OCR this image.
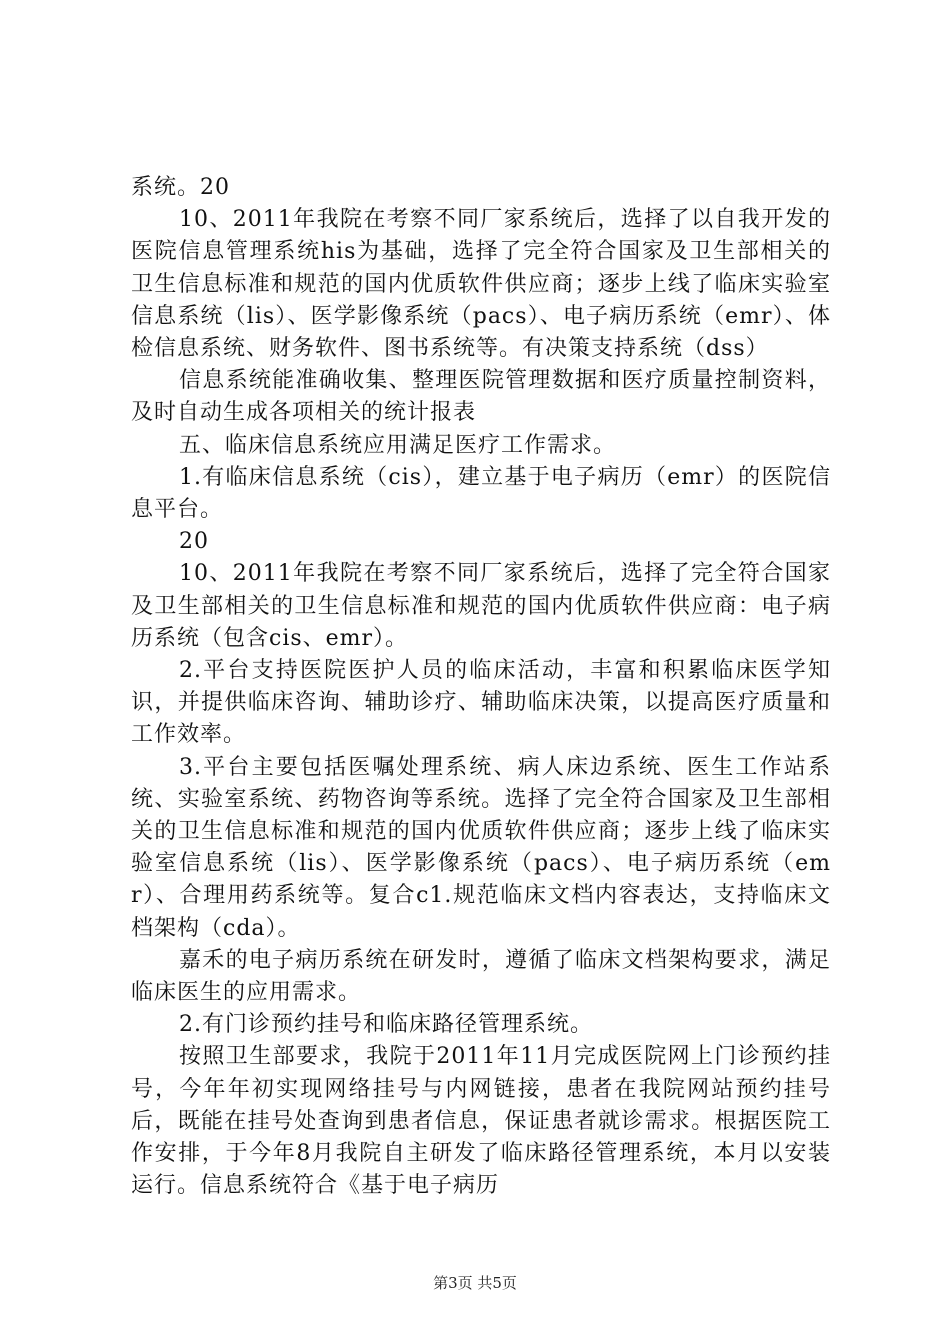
系统。20

10、2011年我院在考察不同厂家系统后，选择了以自我开发的医院信息管理系统his为基础，选择了完全符合国家及卫生部相关的卫生信息标准和规范的国内优质软件供应商；逐步上线了临床实验室信息系统（lis）、医学影像系统（pacs）、电子病历系统（emr）、体检信息系统、财务软件、图书系统等。有决策支持系统（dss）

信息系统能准确收集、整理医院管理数据和医疗质量控制资料，及时自动生成各项相关的统计报表

五、临床信息系统应用满足医疗工作需求。

1.有临床信息系统（cis），建立基于电子病历（emr）的医院信息平台。

20

10、2011年我院在考察不同厂家系统后，选择了完全符合国家及卫生部相关的卫生信息标准和规范的国内优质软件供应商：电子病历系统（包含cis、emr）。

2.平台支持医院医护人员的临床活动，丰富和积累临床医学知识，并提供临床咨询、辅助诊疗、辅助临床决策，以提高医疗质量和工作效率。

3.平台主要包括医嘱处理系统、病人床边系统、医生工作站系统、实验室系统、药物咨询等系统。选择了完全符合国家及卫生部相关的卫生信息标准和规范的国内优质软件供应商；逐步上线了临床实验室信息系统（lis）、医学影像系统（pacs）、电子病历系统（emr）、合理用药系统等。复合c1.规范临床文档内容表达，支持临床文档架构（cda）。

嘉禾的电子病历系统在研发时，遵循了临床文档架构要求，满足临床医生的应用需求。

2.有门诊预约挂号和临床路径管理系统。

按照卫生部要求，我院于2011年11月完成医院网上门诊预约挂号，今年年初实现网络挂号与内网链接，患者在我院网站预约挂号后，既能在挂号处查询到患者信息，保证患者就诊需求。根据医院工作安排，于今年8月我院自主研发了临床路径管理系统，本月以安装运行。信息系统符合《基于电子病历

第3页 共5页
